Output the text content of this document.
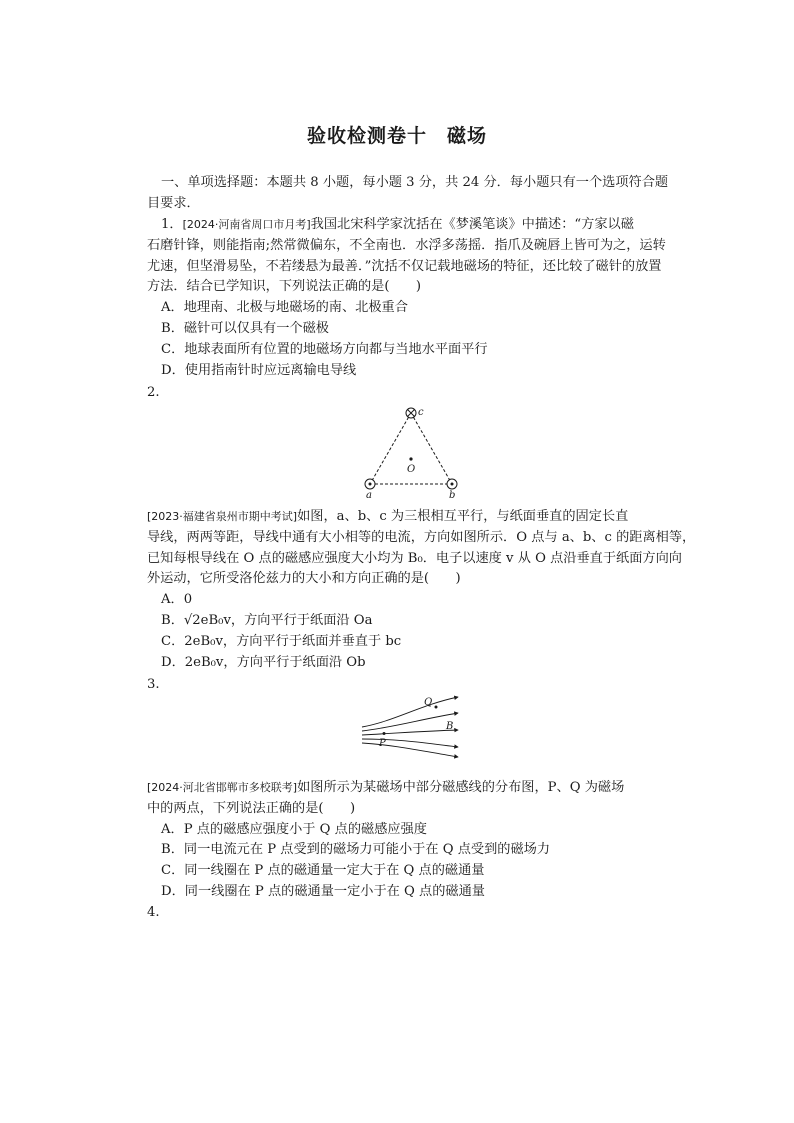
验收检测卷十　磁场
一、单项选择题：本题共 8 小题，每小题 3 分，共 24 分．每小题只有一个选项符合题
目要求．
1．[2024·河南省周口市月考]我国北宋科学家沈括在《梦溪笔谈》中描述：“方家以磁
石磨针锋，则能指南;然常微偏东，不全南也．水浮多荡摇．指爪及碗唇上皆可为之，运转
尤速，但坚滑易坠，不若缕悬为最善．”沈括不仅记载地磁场的特征，还比较了磁针的放置
方法．结合已学知识，下列说法正确的是(　　)
A．地理南、北极与地磁场的南、北极重合
B．磁针可以仅具有一个磁极
C．地球表面所有位置的地磁场方向都与当地水平面平行
D．使用指南针时应远离输电导线
2.
c
O
a	b
[2023·福建省泉州市期中考试]如图，a、b、c 为三根相互平行，与纸面垂直的固定长直
导线，两两等距，导线中通有大小相等的电流，方向如图所示．O 点与 a、b、c 的距离相等，
已知每根导线在 O 点的磁感应强度大小均为 B₀．电子以速度 v 从 O 点沿垂直于纸面方向向
外运动，它所受洛伦兹力的大小和方向正确的是(　　)
A．0
B．√2eB₀v，方向平行于纸面沿 Oa
C．2eB₀v，方向平行于纸面并垂直于 bc
D．2eB₀v，方向平行于纸面沿 Ob
3.
Q
B
P
[2024·河北省邯郸市多校联考]如图所示为某磁场中部分磁感线的分布图，P、Q 为磁场
中的两点，下列说法正确的是(　　)
A．P 点的磁感应强度小于 Q 点的磁感应强度
B．同一电流元在 P 点受到的磁场力可能小于在 Q 点受到的磁场力
C．同一线圈在 P 点的磁通量一定大于在 Q 点的磁通量
D．同一线圈在 P 点的磁通量一定小于在 Q 点的磁通量
4.
